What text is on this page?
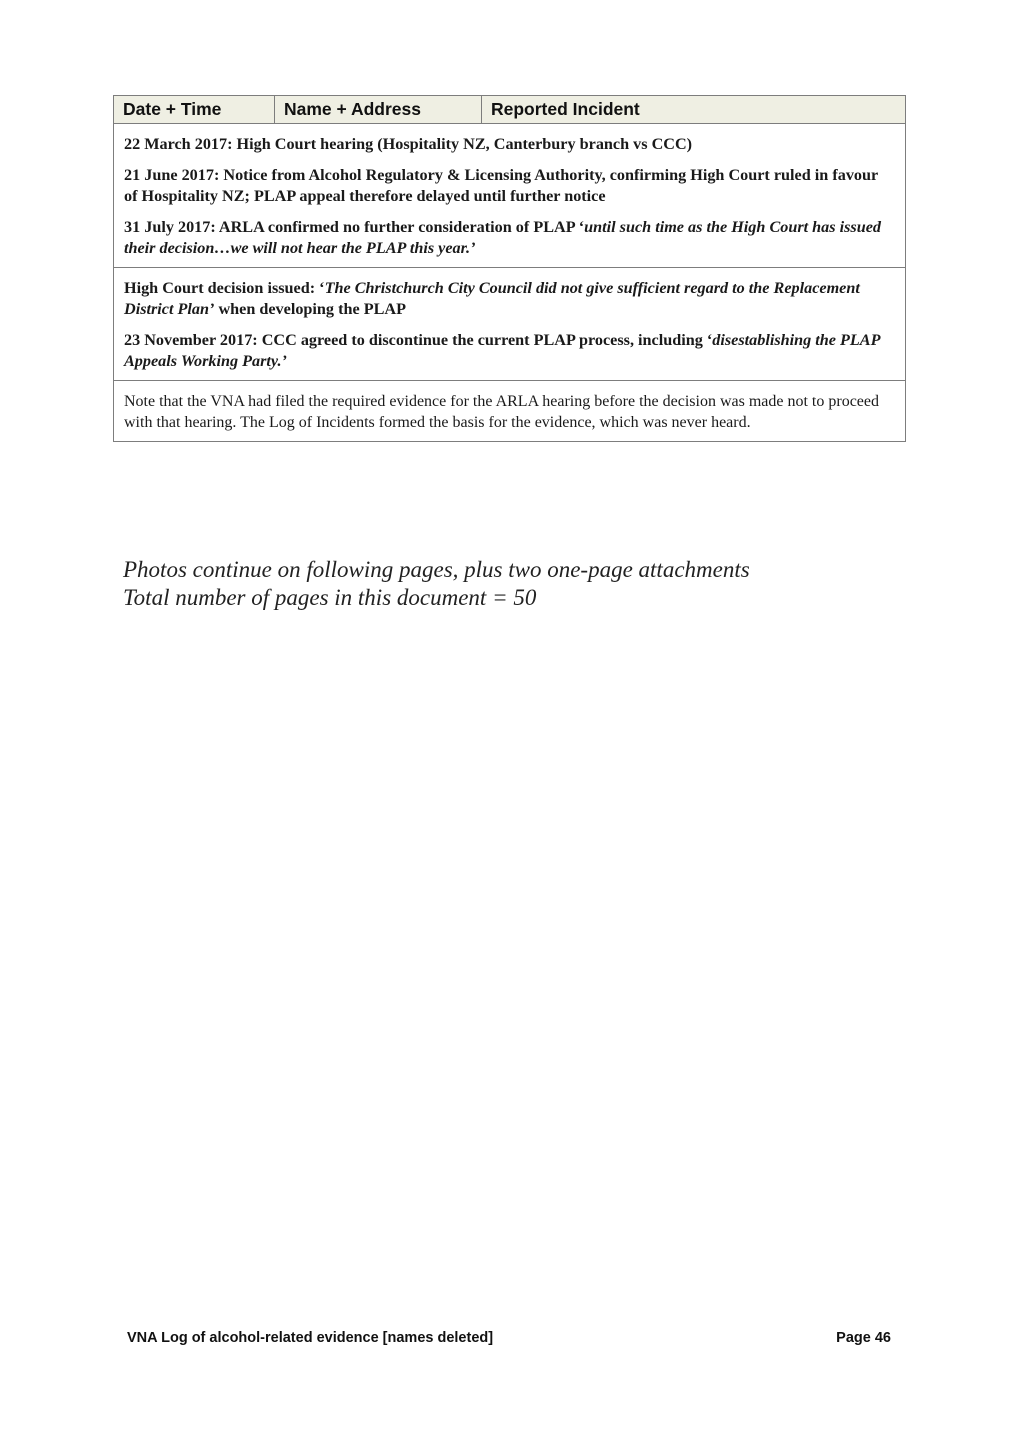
Date + Time	Name + Address	Reported Incident

22 March 2017: High Court hearing (Hospitality NZ, Canterbury branch vs CCC)

21 June 2017: Notice from Alcohol Regulatory & Licensing Authority, confirming High Court ruled in favour of Hospitality NZ; PLAP appeal therefore delayed until further notice

31 July 2017: ARLA confirmed no further consideration of PLAP ‘until such time as the High Court has issued their decision…we will not hear the PLAP this year.’

High Court decision issued: ‘The Christchurch City Council did not give sufficient regard to the Replacement District Plan’ when developing the PLAP

23 November 2017: CCC agreed to discontinue the current PLAP process, including ‘disestablishing the PLAP Appeals Working Party.’

Note that the VNA had filed the required evidence for the ARLA hearing before the decision was made not to proceed with that hearing. The Log of Incidents formed the basis for the evidence, which was never heard.

Photos continue on following pages, plus two one-page attachments
Total number of pages in this document = 50
VNA Log of alcohol-related evidence [names deleted]	Page 46
